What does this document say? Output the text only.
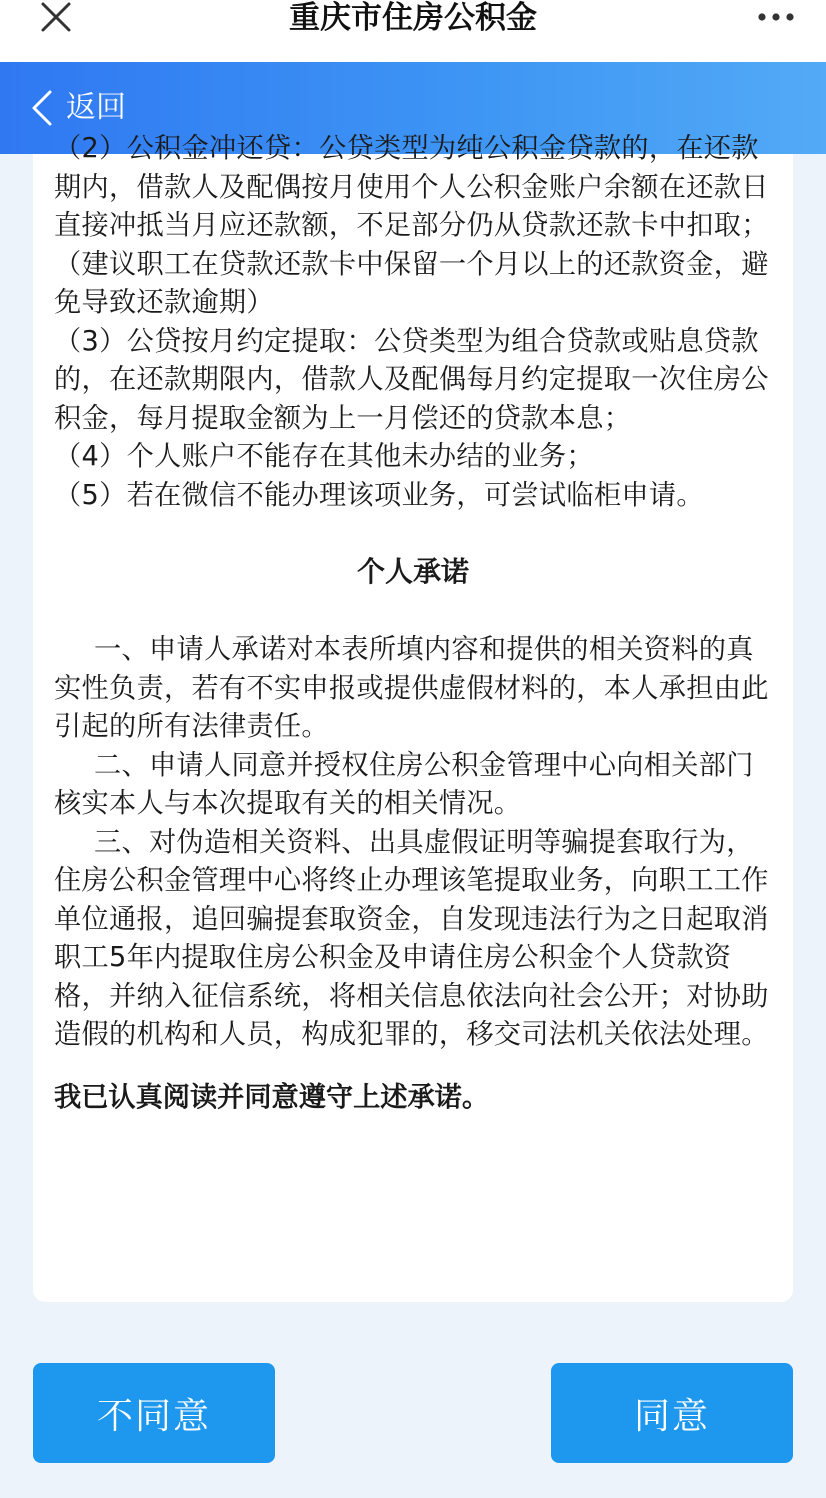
重庆市住房公积金
返回

（2）公积金冲还贷：公贷类型为纯公积金贷款的，在还款期内，借款人及配偶按月使用个人公积金账户余额在还款日直接冲抵当月应还款额，不足部分仍从贷款还款卡中扣取；（建议职工在贷款还款卡中保留一个月以上的还款资金，避免导致还款逾期）

（3）公贷按月约定提取：公贷类型为组合贷款或贴息贷款的，在还款期限内，借款人及配偶每月约定提取一次住房公积金，每月提取金额为上一月偿还的贷款本息；

（4）个人账户不能存在其他未办结的业务；

（5）若在微信不能办理该项业务，可尝试临柜申请。

个人承诺

一、申请人承诺对本表所填内容和提供的相关资料的真实性负责，若有不实申报或提供虚假材料的，本人承担由此引起的所有法律责任。

二、申请人同意并授权住房公积金管理中心向相关部门核实本人与本次提取有关的相关情况。

三、对伪造相关资料、出具虚假证明等骗提套取行为，住房公积金管理中心将终止办理该笔提取业务，向职工工作单位通报，追回骗提套取资金，自发现违法行为之日起取消职工5年内提取住房公积金及申请住房公积金个人贷款资格，并纳入征信系统，将相关信息依法向社会公开；对协助造假的机构和人员，构成犯罪的，移交司法机关依法处理。

我已认真阅读并同意遵守上述承诺。
不同意	同意
